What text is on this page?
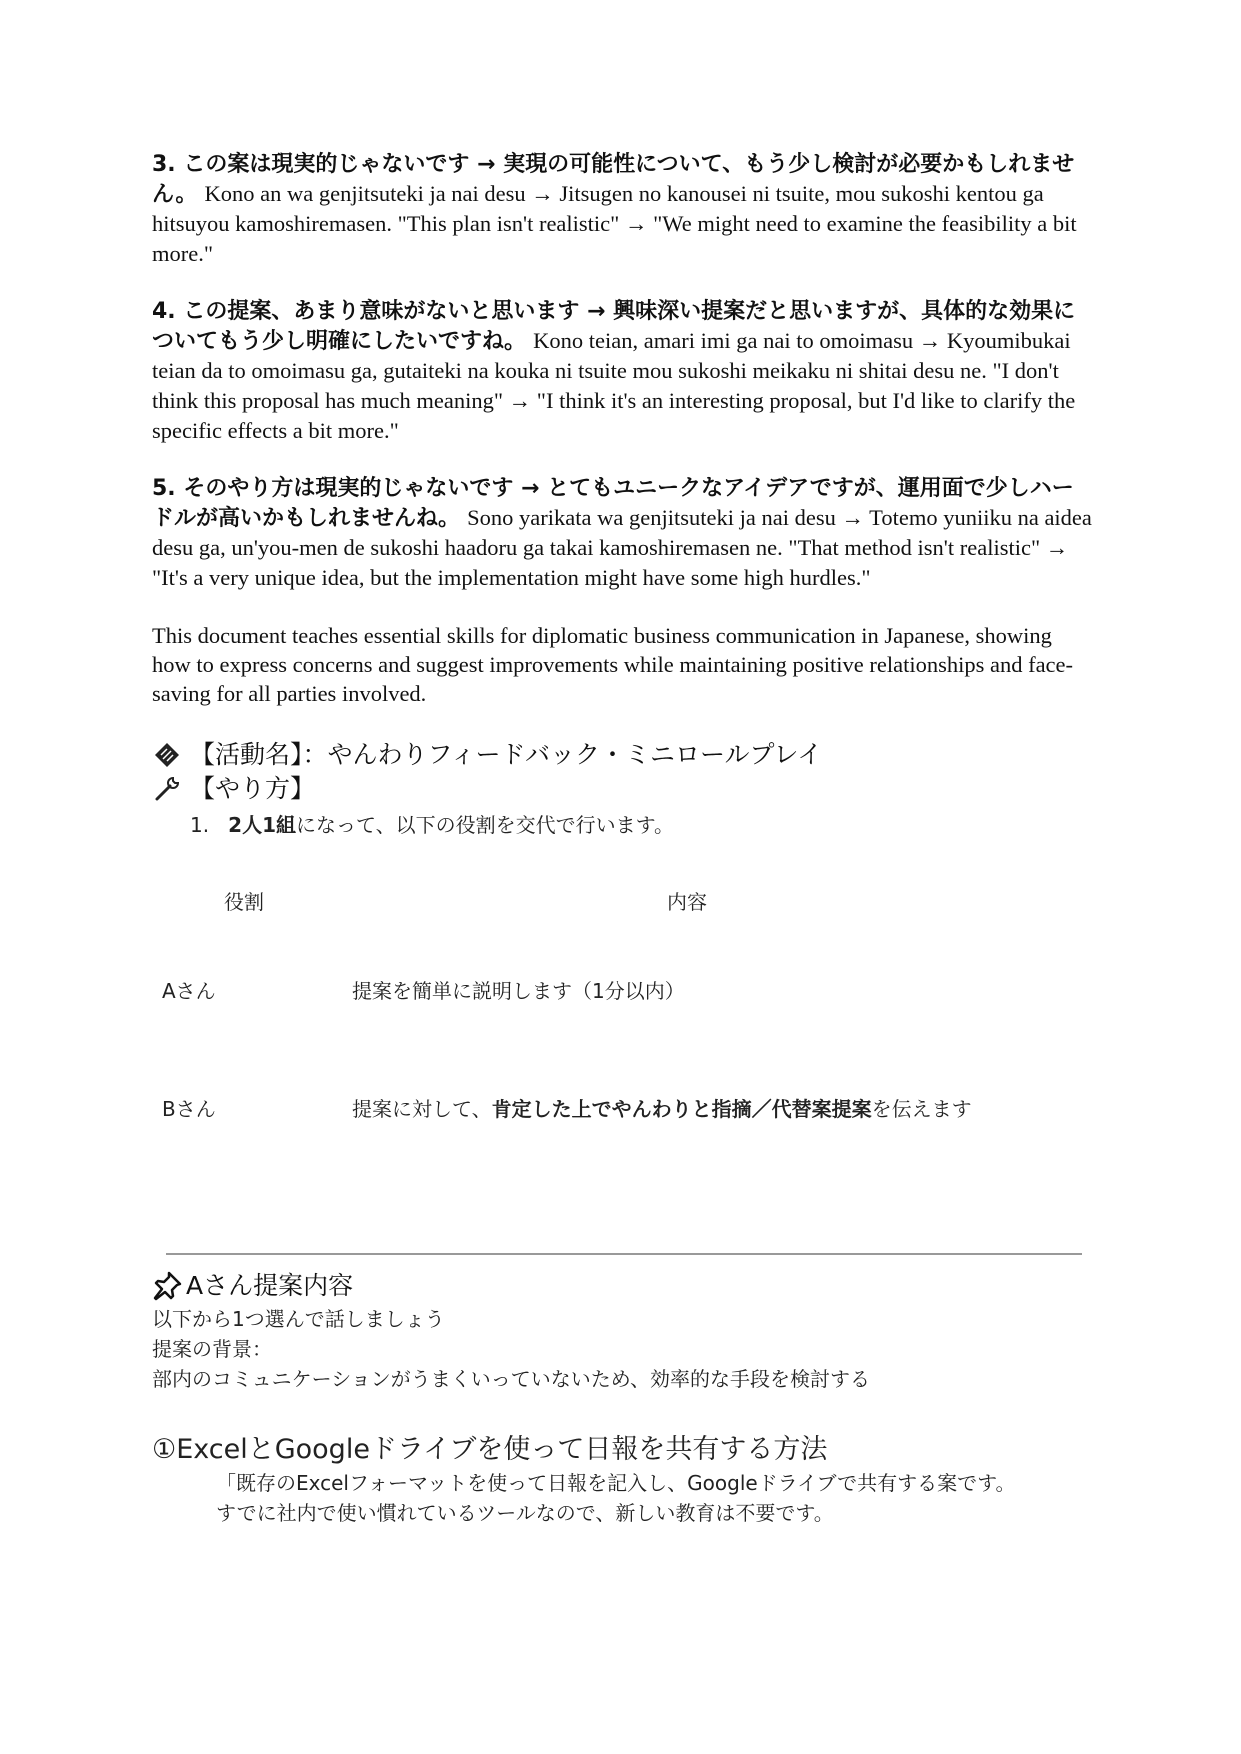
3. この案は現実的じゃないです → 実現の可能性について、もう少し検討が必要かもしれません。 Kono an wa genjitsuteki ja nai desu → Jitsugen no kanousei ni tsuite, mou sukoshi kentou ga hitsuyou kamoshiremasen. "This plan isn't realistic" → "We might need to examine the feasibility a bit more."
4. この提案、あまり意味がないと思います → 興味深い提案だと思いますが、具体的な効果についてもう少し明確にしたいですね。 Kono teian, amari imi ga nai to omoimasu → Kyoumibukai teian da to omoimasu ga, gutaiteki na kouka ni tsuite mou sukoshi meikaku ni shitai desu ne. "I don't think this proposal has much meaning" → "I think it's an interesting proposal, but I'd like to clarify the specific effects a bit more."
5. そのやり方は現実的じゃないです → とてもユニークなアイデアですが、運用面で少しハードルが高いかもしれませんね。 Sono yarikata wa genjitsuteki ja nai desu → Totemo yuniiku na aidea desu ga, un'you-men de sukoshi haadoru ga takai kamoshiremasen ne. "That method isn't realistic" → "It's a very unique idea, but the implementation might have some high hurdles."
This document teaches essential skills for diplomatic business communication in Japanese, showing how to express concerns and suggest improvements while maintaining positive relationships and face-saving for all parties involved.
【活動名】：やんわりフィードバック・ミニロールプレイ
【やり方】
1. 2人1組になって、以下の役割を交代で行います。
役割	内容
Aさん	提案を簡単に説明します（1分以内）
Bさん	提案に対して、肯定した上でやんわりと指摘／代替案提案を伝えます
Aさん提案内容
以下から1つ選んで話しましょう
提案の背景：
部内のコミュニケーションがうまくいっていないため、効率的な手段を検討する
①ExcelとGoogleドライブを使って日報を共有する方法
「既存のExcelフォーマットを使って日報を記入し、Googleドライブで共有する案です。
すでに社内で使い慣れているツールなので、新しい教育は不要です。
